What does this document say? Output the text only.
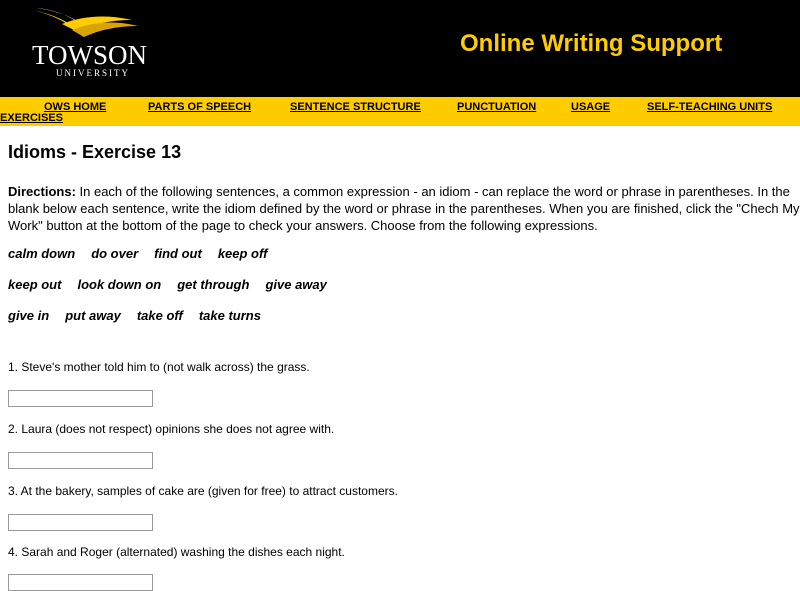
TOWSON
UNIVERSITY
Online Writing Support
OWS HOME	PARTS OF SPEECH	SENTENCE STRUCTURE	PUNCTUATION	USAGE	SELF-TEACHING UNITS
EXERCISES
Idioms - Exercise 13

Directions: In each of the following sentences, a common expression - an idiom - can replace the word or phrase in parentheses. In the blank below each sentence, write the idiom defined by the word or phrase in the parentheses. When you are finished, click the "Chech My Work" button at the bottom of the page to check your answers. Choose from the following expressions.

calm down do over find out keep off
keep out look down on get through give away
give in put away take off take turns

1. Steve's mother told him to (not walk across) the grass.

2. Laura (does not respect) opinions she does not agree with.

3. At the bakery, samples of cake are (given for free) to attract customers.

4. Sarah and Roger (alternated) washing the dishes each night.
